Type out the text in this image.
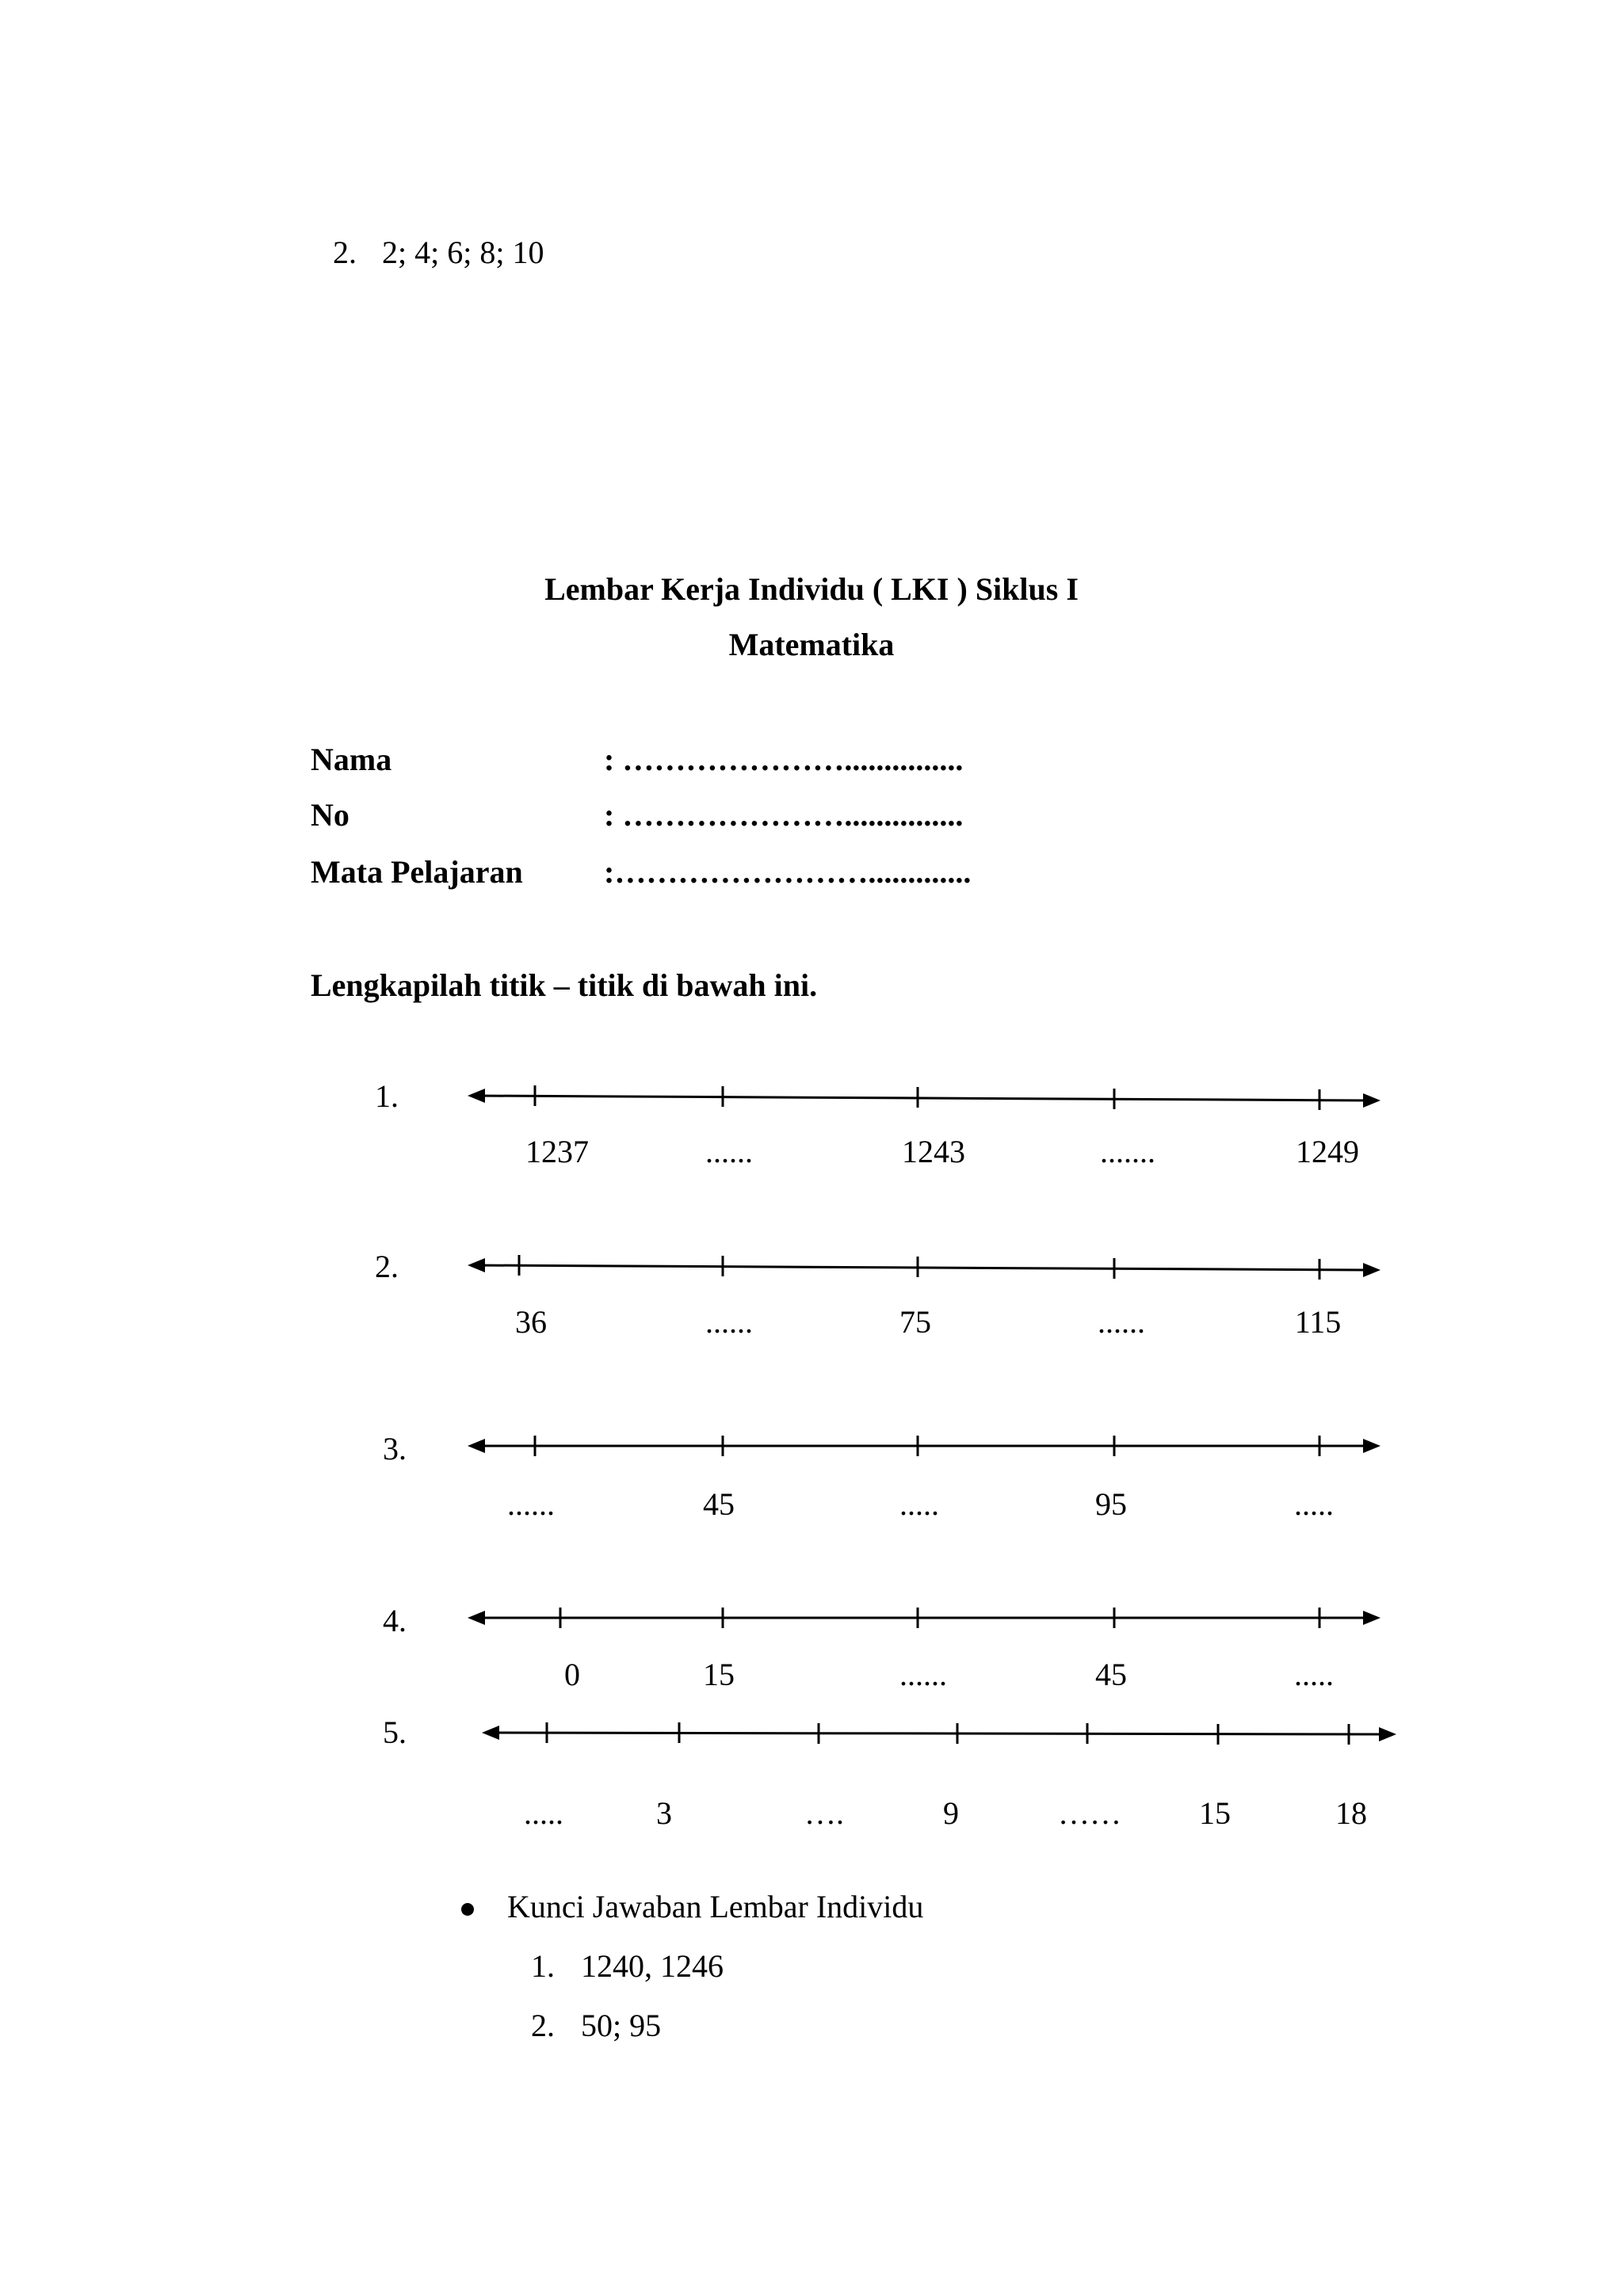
2. 2; 4; 6; 8; 10
Lembar Kerja Individu ( LKI ) Siklus I
Matematika
Nama	: …………………...............
No	: …………………...............
Mata Pelajaran	:…………………….............
Lengkapilah titik – titik di bawah ini.
1.
2.
3.
4.
5.
1237	......	1243	.......	1249
36	......	75	......	115
......	45	.....	95	.....
0	15	......	45	.....
.....	3	….	9	…… 15	18
Kunci Jawaban Lembar Individu
1. 1240, 1246
2. 50; 95
